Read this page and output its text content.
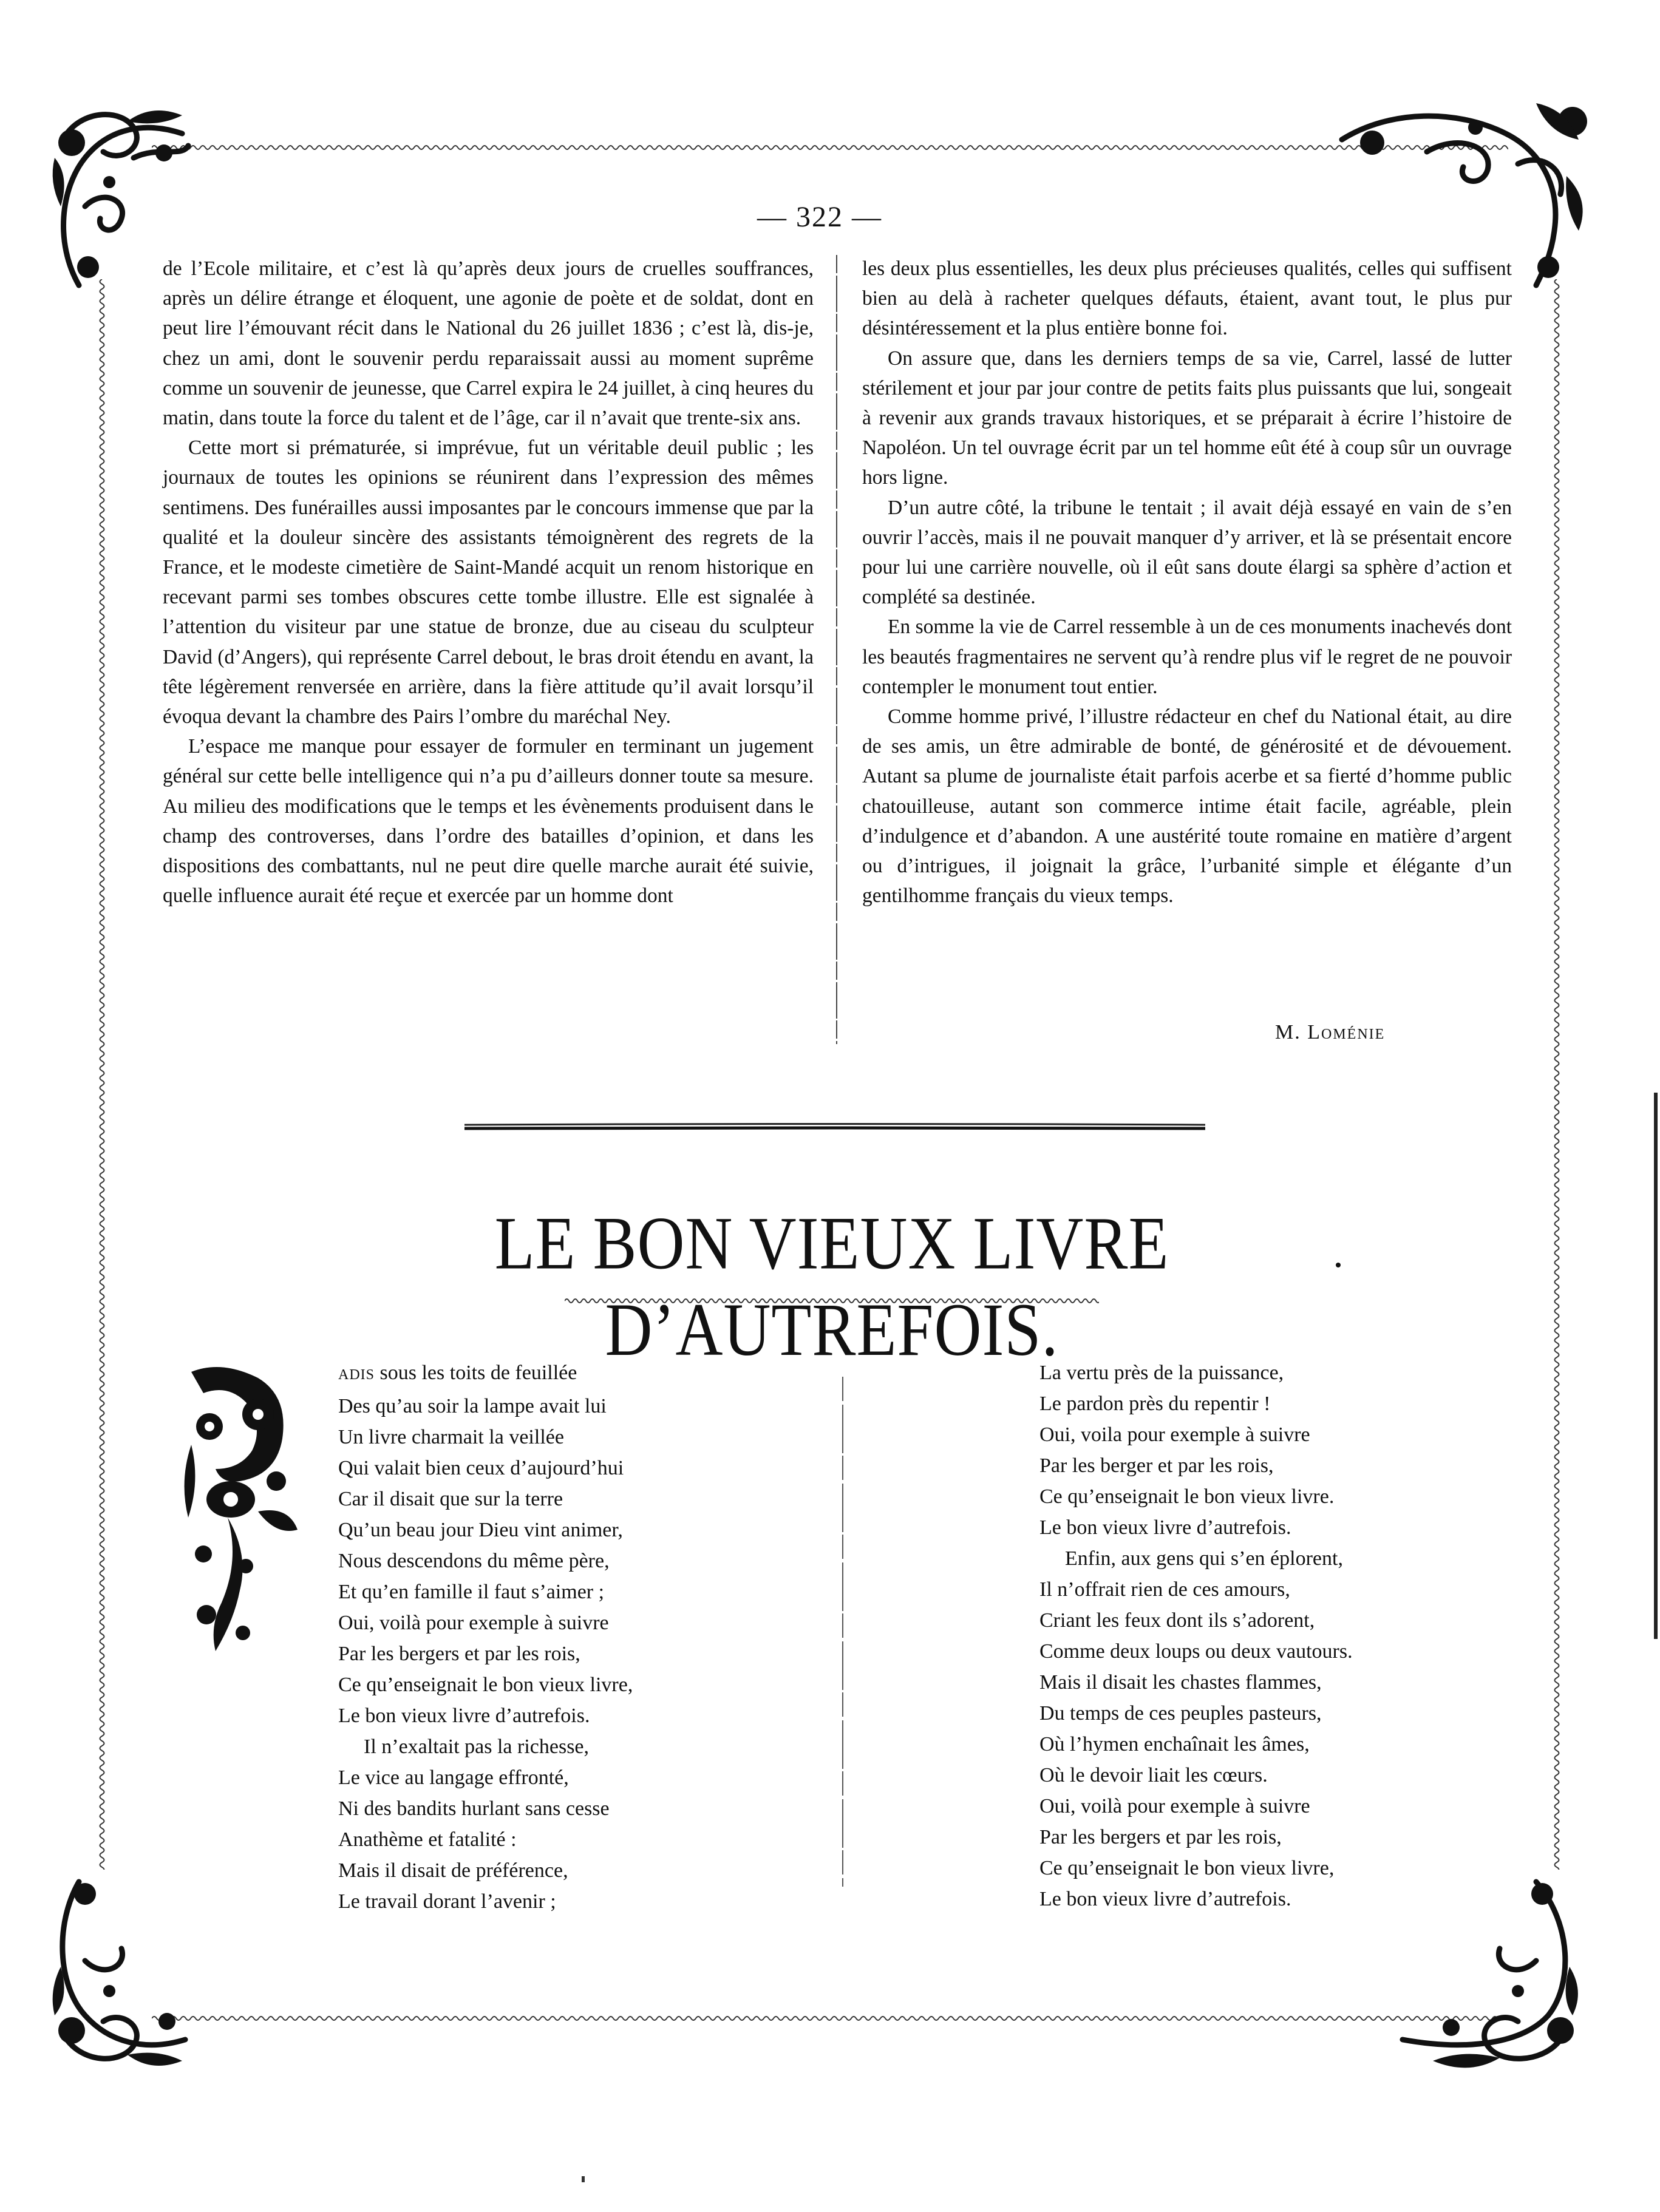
— 322 —

de l’Ecole militaire, et c’est là qu’après deux jours de cruelles souffrances, après un délire étrange et éloquent, une agonie de poète et de soldat, dont en peut lire l’émouvant récit dans le National du 26 juillet 1836 ; c’est là, dis-je, chez un ami, dont le souvenir perdu reparaissait aussi au moment suprême comme un souvenir de jeunesse, que Carrel expira le 24 juillet, à cinq heures du matin, dans toute la force du talent et de l’âge, car il n’avait que trente-six ans.

Cette mort si prématurée, si imprévue, fut un véritable deuil public ; les journaux de toutes les opinions se réunirent dans l’expression des mêmes sentimens. Des funérailles aussi imposantes par le concours immense que par la qualité et la douleur sincère des assistants témoignèrent des regrets de la France, et le modeste cimetière de Saint-Mandé acquit un renom historique en recevant parmi ses tombes obscures cette tombe illustre. Elle est signalée à l’attention du visiteur par une statue de bronze, due au ciseau du sculpteur David (d’Angers), qui représente Carrel debout, le bras droit étendu en avant, la tête légèrement renversée en arrière, dans la fière attitude qu’il avait lorsqu’il évoqua devant la chambre des Pairs l’ombre du maréchal Ney.

L’espace me manque pour essayer de formuler en terminant un jugement général sur cette belle intelligence qui n’a pu d’ailleurs donner toute sa mesure. Au milieu des modifications que le temps et les évènements produisent dans le champ des controverses, dans l’ordre des batailles d’opinion, et dans les dispositions des combattants, nul ne peut dire quelle marche aurait été suivie, quelle influence aurait été reçue et exercée par un homme dont

les deux plus essentielles, les deux plus précieuses qualités, celles qui suffisent bien au delà à racheter quelques défauts, étaient, avant tout, le plus pur désintéressement et la plus entière bonne foi.

On assure que, dans les derniers temps de sa vie, Carrel, lassé de lutter stérilement et jour par jour contre de petits faits plus puissants que lui, songeait à revenir aux grands travaux historiques, et se préparait à écrire l’histoire de Napoléon. Un tel ouvrage écrit par un tel homme eût été à coup sûr un ouvrage hors ligne.

D’un autre côté, la tribune le tentait ; il avait déjà essayé en vain de s’en ouvrir l’accès, mais il ne pouvait manquer d’y arriver, et là se présentait encore pour lui une carrière nouvelle, où il eût sans doute élargi sa sphère d’action et complété sa destinée.

En somme la vie de Carrel ressemble à un de ces monuments inachevés dont les beautés fragmentaires ne servent qu’à rendre plus vif le regret de ne pouvoir contempler le monument tout entier.

Comme homme privé, l’illustre rédacteur en chef du National était, au dire de ses amis, un être admirable de bonté, de générosité et de dévouement. Autant sa plume de journaliste était parfois acerbe et sa fierté d’homme public chatouilleuse, autant son commerce intime était facile, agréable, plein d’indulgence et d’abandon. A une austérité toute romaine en matière d’argent ou d’intrigues, il joignait la grâce, l’urbanité simple et élégante d’un gentilhomme français du vieux temps.

M. Loménie
LE BON VIEUX LIVRE D’AUTREFOIS.
ADIS sous les toits de feuillée
Des qu’au soir la lampe avait lui
Un livre charmait la veillée
Qui valait bien ceux d’aujourd’hui
Car il disait que sur la terre
Qu’un beau jour Dieu vint animer,
Nous descendons du même père,
Et qu’en famille il faut s’aimer ;
Oui, voilà pour exemple à suivre
Par les bergers et par les rois,
Ce qu’enseignait le bon vieux livre,
Le bon vieux livre d’autrefois.
Il n’exaltait pas la richesse,
Le vice au langage effronté,
Ni des bandits hurlant sans cesse
Anathème et fatalité :
Mais il disait de préférence,
Le travail dorant l’avenir ;
La vertu près de la puissance,
Le pardon près du repentir !
Oui, voila pour exemple à suivre
Par les berger et par les rois,
Ce qu’enseignait le bon vieux livre.
Le bon vieux livre d’autrefois.
Enfin, aux gens qui s’en éplorent,
Il n’offrait rien de ces amours,
Criant les feux dont ils s’adorent,
Comme deux loups ou deux vautours.
Mais il disait les chastes flammes,
Du temps de ces peuples pasteurs,
Où l’hymen enchaînait les âmes,
Où le devoir liait les cœurs.
Oui, voilà pour exemple à suivre
Par les bergers et par les rois,
Ce qu’enseignait le bon vieux livre,
Le bon vieux livre d’autrefois.
